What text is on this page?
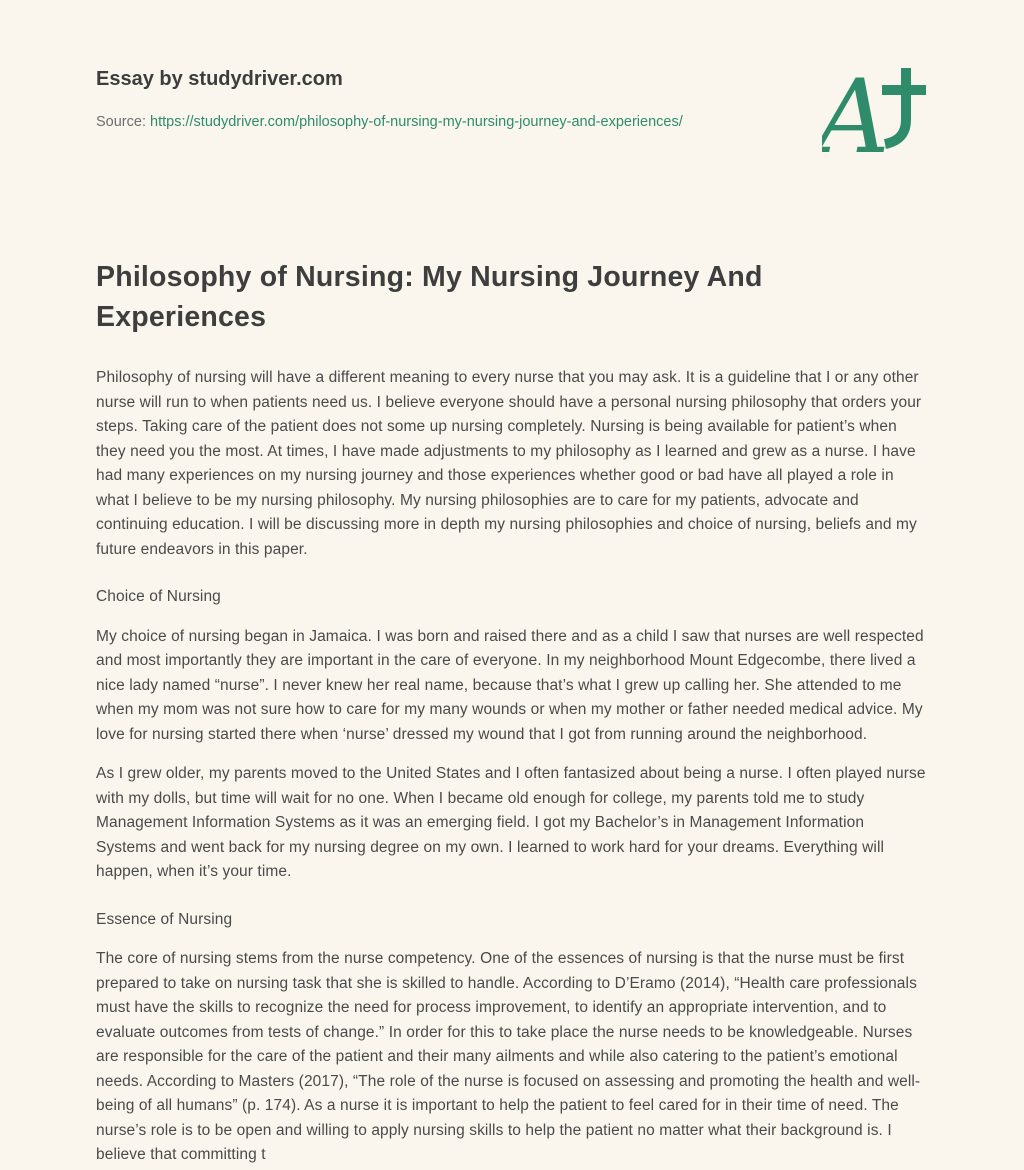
Essay by studydriver.com
Source: https://studydriver.com/philosophy-of-nursing-my-nursing-journey-and-experiences/ A
Philosophy of Nursing: My Nursing Journey And Experiences

Philosophy of nursing will have a different meaning to every nurse that you may ask. It is a guideline that I or any other nurse will run to when patients need us. I believe everyone should have a personal nursing philosophy that orders your steps. Taking care of the patient does not some up nursing completely. Nursing is being available for patient’s when they need you the most. At times, I have made adjustments to my philosophy as I learned and grew as a nurse. I have had many experiences on my nursing journey and those experiences whether good or bad have all played a role in what I believe to be my nursing philosophy. My nursing philosophies are to care for my patients, advocate and continuing education. I will be discussing more in depth my nursing philosophies and choice of nursing, beliefs and my future endeavors in this paper.

Choice of Nursing

My choice of nursing began in Jamaica. I was born and raised there and as a child I saw that nurses are well respected and most importantly they are important in the care of everyone. In my neighborhood Mount Edgecombe, there lived a nice lady named “nurse”. I never knew her real name, because that’s what I grew up calling her. She attended to me when my mom was not sure how to care for my many wounds or when my mother or father needed medical advice. My love for nursing started there when ‘nurse’ dressed my wound that I got from running around the neighborhood.

As I grew older, my parents moved to the United States and I often fantasized about being a nurse. I often played nurse with my dolls, but time will wait for no one. When I became old enough for college, my parents told me to study Management Information Systems as it was an emerging field. I got my Bachelor’s in Management Information Systems and went back for my nursing degree on my own. I learned to work hard for your dreams. Everything will happen, when it’s your time.

Essence of Nursing

The core of nursing stems from the nurse competency. One of the essences of nursing is that the nurse must be first prepared to take on nursing task that she is skilled to handle. According to D’Eramo (2014), “Health care professionals must have the skills to recognize the need for process improvement, to identify an appropriate intervention, and to evaluate outcomes from tests of change.” In order for this to take place the nurse needs to be knowledgeable. Nurses are responsible for the care of the patient and their many ailments and while also catering to the patient’s emotional needs. According to Masters (2017), “The role of the nurse is focused on assessing and promoting the health and well-being of all humans” (p. 174). As a nurse it is important to help the patient to feel cared for in their time of need. The nurse’s role is to be open and willing to apply nursing skills to help the patient no matter what their background is. I believe that committing t
